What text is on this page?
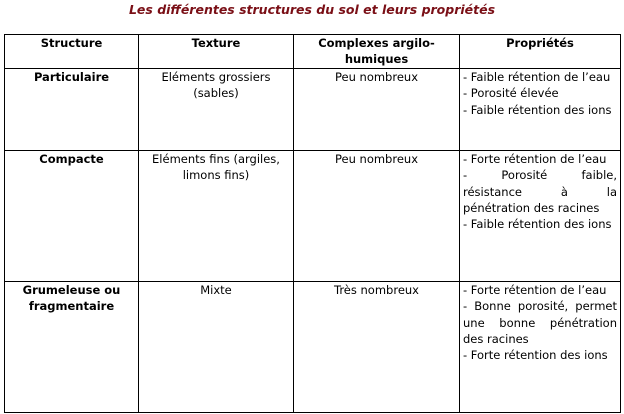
Les différentes structures du sol et leurs propriétés
Structure	Texture	Complexes argilo-humiques	Propriétés
Particulaire	Eléments grossiers (sables)	Peu nombreux	- Faible rétention de l’eau
- Porosité élevée
- Faible rétention des ions

Compacte	Eléments fins (argiles, limons fins)	Peu nombreux	- Forte rétention de l’eau
- Porosité faible, résistance à la pénétration des racines
- Faible rétention des ions

Grumeleuse ou fragmentaire	Mixte	Très nombreux	- Forte rétention de l’eau
- Bonne porosité, permet une bonne pénétration des racines
- Forte rétention des ions
